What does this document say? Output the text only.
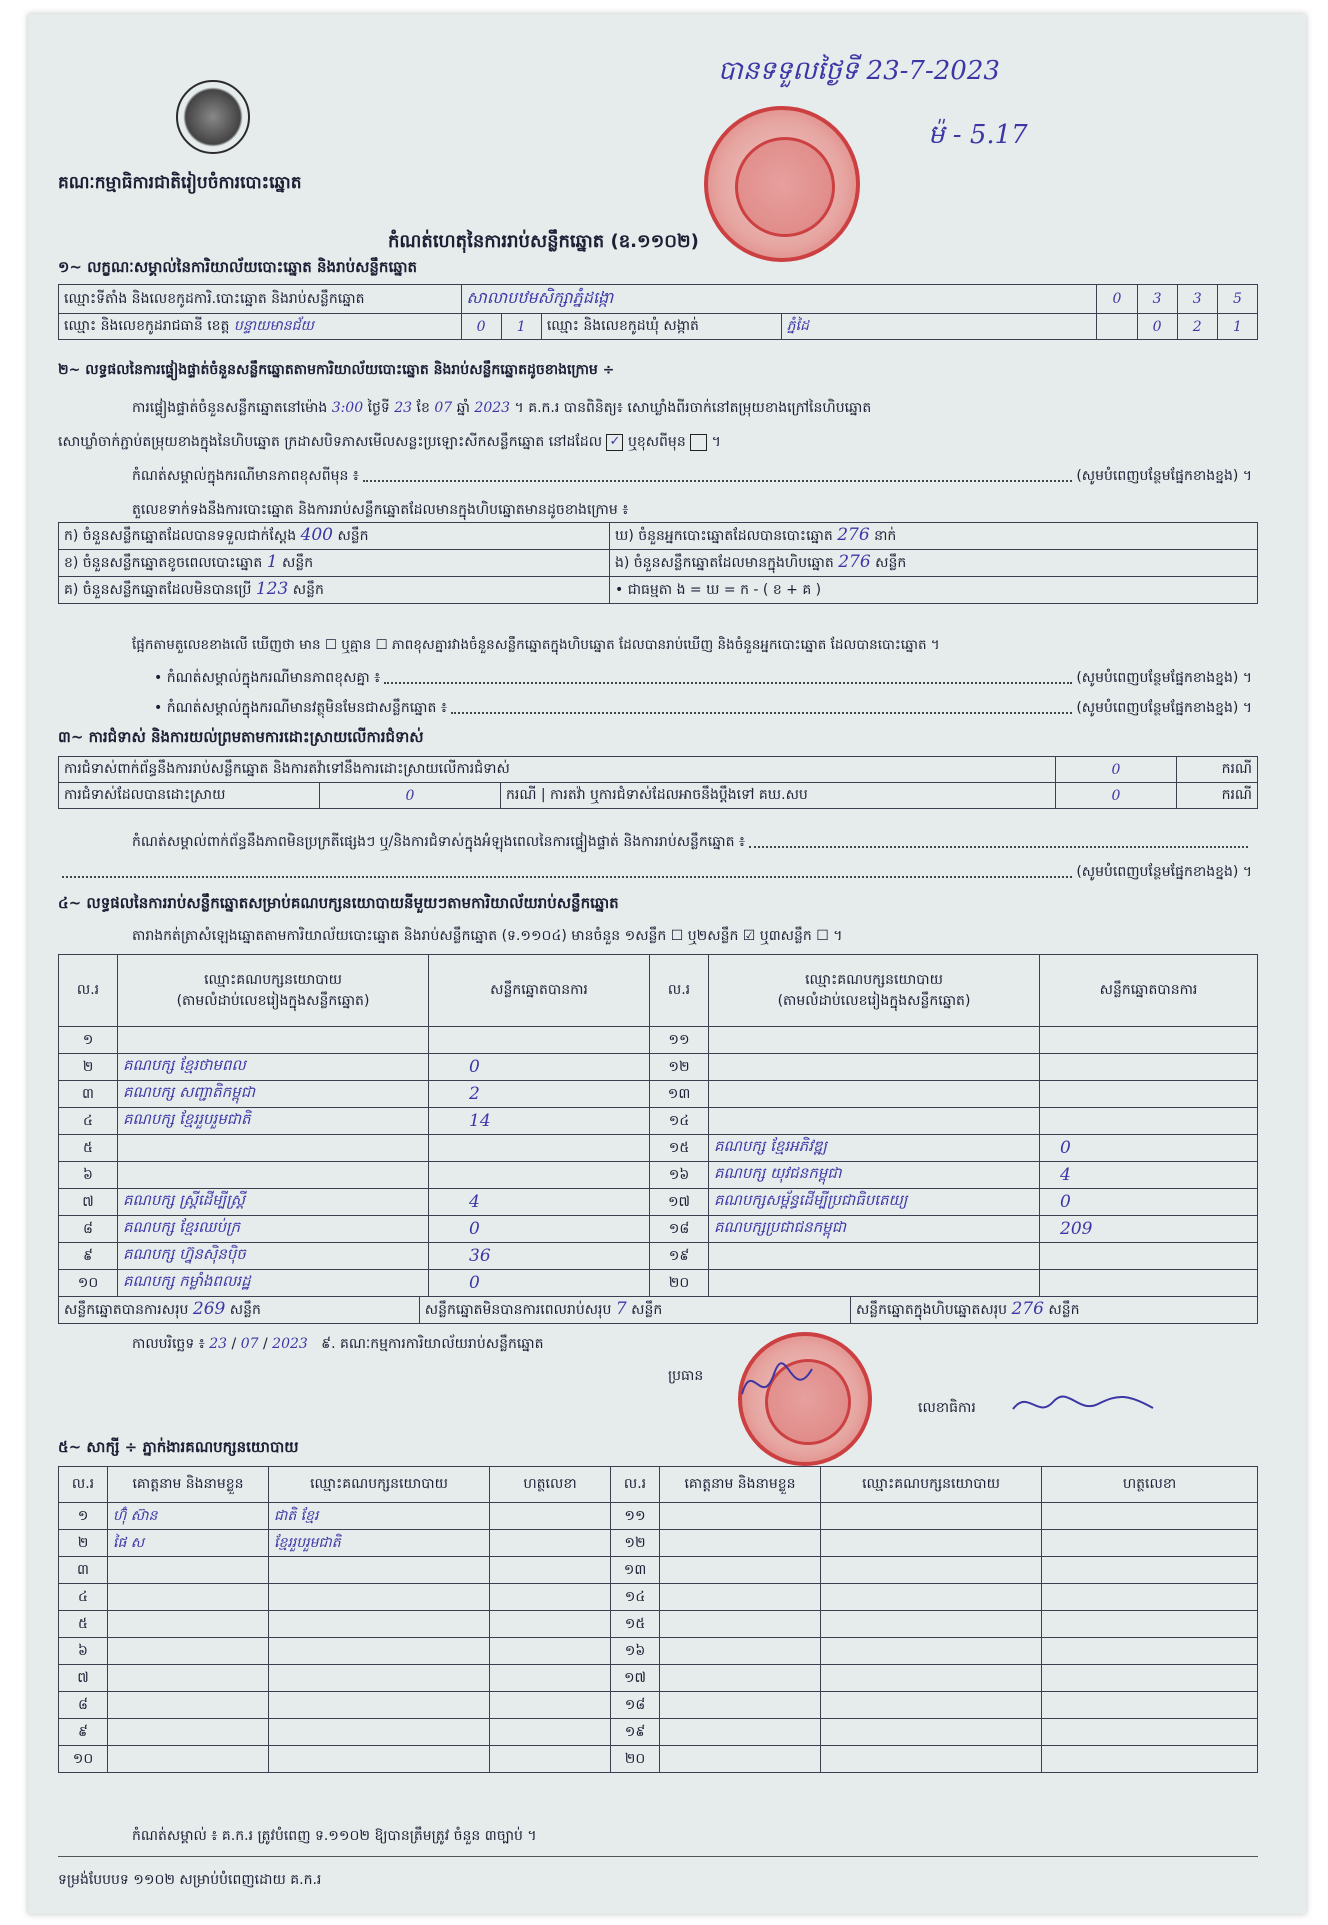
គណៈកម្មាធិការជាតិរៀបចំការបោះឆ្នោត
បានទទួលថ្ងៃទី 23-7-2023
ម៉ - 5.17
កំណត់ហេតុនៃការរាប់សន្លឹកឆ្នោត (ឧ.១១០២)
១~ លក្ខណៈសម្គាល់នៃការិយាល័យបោះឆ្នោត និងរាប់សន្លឹកឆ្នោត
ឈ្មោះទីតាំង និងលេខកូដការិ.បោះឆ្នោត និងរាប់សន្លឹកឆ្នោត	សាលាបឋមសិក្សាភ្នំដង្កោ				0	3	3	5
ឈ្មោះ និងលេខកូដរាជធានី ខេត្ត បន្ទាយមានជ័យ	0	1	ឈ្មោះ និងលេខកូដឃុំ សង្កាត់	ភ្នំដៃ		0	2	1
២~ លទ្ធផលនៃការផ្ទៀងផ្ទាត់ចំនួនសន្លឹកឆ្នោតតាមការិយាល័យបោះឆ្នោត និងរាប់សន្លឹកឆ្នោតដូចខាងក្រោម ÷
ការផ្ទៀងផ្ទាត់ចំនួនសន្លឹកឆ្នោតនៅម៉ោង 3:00 ថ្ងៃទី 23 ខែ 07 ឆ្នាំ 2023 ។ គ.ក.រ បានពិនិត្យ៖ សោឃ្លាំងពីរចាក់នៅតម្រុយខាងក្រៅនៃហិបឆ្នោត
សោឃ្លាំចាក់ភ្ជាប់តម្រុយខាងក្នុងនៃហិបឆ្នោត ក្រដាសបិទភាសមើលសន្លះប្រឡោះសីកសន្លឹកឆ្នោត នៅដដែល ✓ ឬខុសពីមុន  ។
កំណត់សម្គាល់ក្នុងករណីមានភាពខុសពីមុន ៖	(សូមបំពេញបន្ថែមផ្នែកខាងខ្នង) ។
តួលេខទាក់ទងនឹងការបោះឆ្នោត និងការរាប់សន្លឹកឆ្នោតដែលមានក្នុងហិបឆ្នោតមានដូចខាងក្រោម ៖
ក) ចំនួនសន្លឹកឆ្នោតដែលបានទទួលជាក់ស្តែង 400 សន្លឹក	ឃ) ចំនួនអ្នកបោះឆ្នោតដែលបានបោះឆ្នោត 276 នាក់
ខ) ចំនួនសន្លឹកឆ្នោតខូចពេលបោះឆ្នោត 1 សន្លឹក	ង) ចំនួនសន្លឹកឆ្នោតដែលមានក្នុងហិបឆ្នោត 276 សន្លឹក
គ) ចំនួនសន្លឹកឆ្នោតដែលមិនបានប្រើ 123 សន្លឹក	• ជាធម្មតា ង = ឃ = ក - ( ខ + គ )
ផ្អែកតាមតួលេខខាងលើ ឃើញថា មាន ☐ ឬគ្មាន ☐ ភាពខុសគ្នារវាងចំនួនសន្លឹកឆ្នោតក្នុងហិបឆ្នោត ដែលបានរាប់ឃើញ និងចំនួនអ្នកបោះឆ្នោត ដែលបានបោះឆ្នោត ។
• កំណត់សម្គាល់ក្នុងករណីមានភាពខុសគ្នា ៖	(សូមបំពេញបន្ថែមផ្នែកខាងខ្នង) ។
• កំណត់សម្គាល់ក្នុងករណីមានវត្ថុមិនមែនជាសន្លឹកឆ្នោត ៖	(សូមបំពេញបន្ថែមផ្នែកខាងខ្នង) ។
៣~ ការជំទាស់ និងការយល់ព្រមតាមការដោះស្រាយលើការជំទាស់
ការជំទាស់ពាក់ព័ន្ធនឹងការរាប់សន្លឹកឆ្នោត និងការតវ៉ាទៅនឹងការដោះស្រាយលើការជំទាស់			0	ករណី
ការជំទាស់ដែលបានដោះស្រាយ	0	ករណី | ការតវ៉ា ឬការជំទាស់ដែលអាចនឹងប្តឹងទៅ គឃ.សប	0	ករណី
កំណត់សម្គាល់ពាក់ព័ន្ធនឹងភាពមិនប្រក្រតីផ្សេងៗ ឬ/និងការជំទាស់ក្នុងអំឡុងពេលនៃការផ្ទៀងផ្ទាត់ និងការរាប់សន្លឹកឆ្នោត ៖
(សូមបំពេញបន្ថែមផ្នែកខាងខ្នង) ។
៤~ លទ្ធផលនៃការរាប់សន្លឹកឆ្នោតសម្រាប់គណបក្សនយោបាយនីមួយៗតាមការិយាល័យរាប់សន្លឹកឆ្នោត
តារាងកត់ត្រាសំឡេងឆ្នោតតាមការិយាល័យបោះឆ្នោត និងរាប់សន្លឹកឆ្នោត (ទ.១១០៤) មានចំនួន ១សន្លឹក ☐ ឬ២សន្លឹក ☑ ឬ៣សន្លឹក ☐ ។
ល.រ	ឈ្មោះគណបក្សនយោបាយ
(តាមលំដាប់លេខរៀងក្នុងសន្លឹកឆ្នោត)	សន្លឹកឆ្នោតបានការ	ល.រ	ឈ្មោះគណបក្សនយោបាយ
(តាមលំដាប់លេខរៀងក្នុងសន្លឹកឆ្នោត)	សន្លឹកឆ្នោតបានការ
១			១១		
២	គណបក្ស ខ្មែរថាមពល	0	១២		
៣	គណបក្ស សញ្ជាតិកម្ពុជា	2	១៣		
៤	គណបក្ស ខ្មែររួបរួមជាតិ	14	១៤		
៥			១៥	គណបក្ស ខ្មែរអភិវឌ្ឍ	0
៦			១៦	គណបក្ស យុវជនកម្ពុជា	4
៧	គណបក្ស ស្ត្រីដើម្បីស្ត្រី	4	១៧	គណបក្សសម្ព័ន្ធដើម្បីប្រជាធិបតេយ្យ	0
៨	គណបក្ស ខ្មែរឈប់ក្រ	0	១៨	គណបក្សប្រជាជនកម្ពុជា	209
៩	គណបក្ស ហ្វ៊ុនស៊ិនប៉ិច	36	១៩		
១០	គណបក្ស កម្លាំងពលរដ្ឋ	0	២០		
សន្លឹកឆ្នោតបានការសរុប 269 សន្លឹក	សន្លឹកឆ្នោតមិនបានការពេលរាប់សរុប 7 សន្លឹក	សន្លឹកឆ្នោតក្នុងហិបឆ្នោតសរុប 276 សន្លឹក
កាលបរិច្ឆេទ ៖ 23 / 07 / 2023 ៩. គណៈកម្មការការិយាល័យរាប់សន្លឹកឆ្នោត
ប្រធាន
លេខាធិការ
៥~ សាក្សី ÷ ភ្នាក់ងារគណបក្សនយោបាយ
ល.រ	គោត្តនាម និងនាមខ្លួន	ឈ្មោះគណបក្សនយោបាយ	ហត្ថលេខា	ល.រ	គោត្តនាម និងនាមខ្លួន	ឈ្មោះគណបក្សនយោបាយ	ហត្ថលេខា
១	ហ៊ុំ ស៊ាន	ជាតិ ខ្មែរ		១១			
២	ផៃ ស	ខ្មែររួបរួមជាតិ		១២			
៣				១៣			
៤				១៤			
៥				១៥			
៦				១៦			
៧				១៧			
៨				១៨			
៩				១៩			
១០				២០			
កំណត់សម្គាល់ ៖ គ.ក.រ ត្រូវបំពេញ ទ.១១០២ ឱ្យបានត្រឹមត្រូវ ចំនួន ៣ច្បាប់ ។
ទម្រង់បែបបទ ១១០២ សម្រាប់បំពេញដោយ គ.ក.រ
